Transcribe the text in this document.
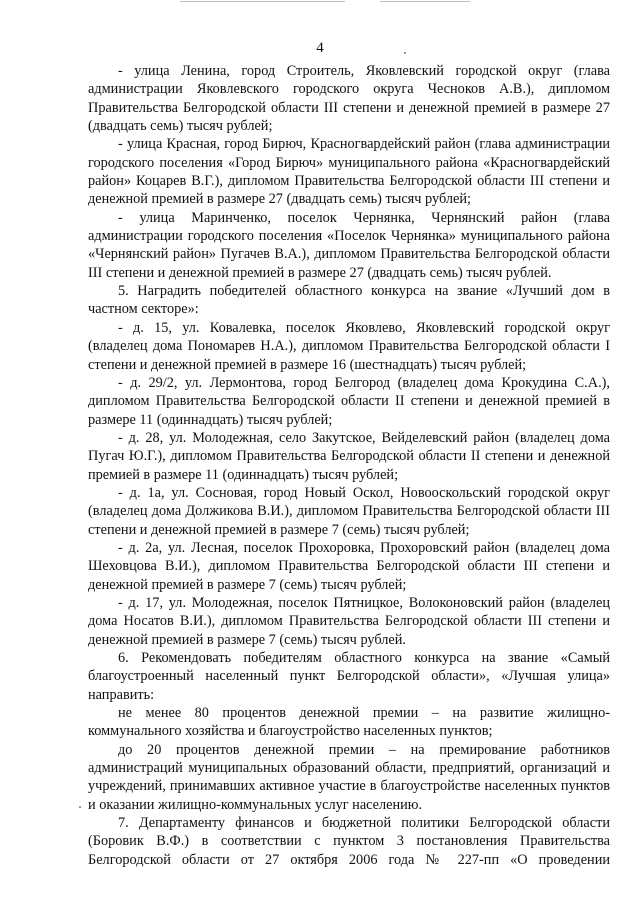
4

- улица Ленина, город Строитель, Яковлевский городской округ (глава администрации Яковлевского городского округа Чесноков А.В.), дипломом Правительства Белгородской области III степени и денежной премией в размере 27 (двадцать семь) тысяч рублей;

- улица Красная, город Бирюч, Красногвардейский район (глава администрации городского поселения «Город Бирюч» муниципального района «Красногвардейский район» Коцарев В.Г.), дипломом Правительства Белгородской области III степени и денежной премией в размере 27 (двадцать семь) тысяч рублей;

- улица Маринченко, поселок Чернянка, Чернянский район (глава администрации городского поселения «Поселок Чернянка» муниципального района «Чернянский район» Пугачев В.А.), дипломом Правительства Белгородской области III степени и денежной премией в размере 27 (двадцать семь) тысяч рублей.

5. Наградить победителей областного конкурса на звание «Лучший дом в частном секторе»:

- д. 15, ул. Ковалевка, поселок Яковлево, Яковлевский городской округ (владелец дома Пономарев Н.А.), дипломом Правительства Белгородской области I степени и денежной премией в размере 16 (шестнадцать) тысяч рублей;

- д. 29/2, ул. Лермонтова, город Белгород (владелец дома Крокудина С.А.), дипломом Правительства Белгородской области II степени и денежной премией в размере 11 (одиннадцать) тысяч рублей;

- д. 28, ул. Молодежная, село Закутское, Вейделевский район (владелец дома Пугач Ю.Г.), дипломом Правительства Белгородской области II степени и денежной премией в размере 11 (одиннадцать) тысяч рублей;

- д. 1а, ул. Сосновая, город Новый Оскол, Новооскольский городской округ (владелец дома Должикова В.И.), дипломом Правительства Белгородской области III степени и денежной премией в размере 7 (семь) тысяч рублей;

- д. 2а, ул. Лесная, поселок Прохоровка, Прохоровский район (владелец дома Шеховцова В.И.), дипломом Правительства Белгородской области III степени и денежной премией в размере 7 (семь) тысяч рублей;

- д. 17, ул. Молодежная, поселок Пятницкое, Волоконовский район (владелец дома Носатов В.И.), дипломом Правительства Белгородской области III степени и денежной премией в размере 7 (семь) тысяч рублей.

6. Рекомендовать победителям областного конкурса на звание «Самый благоустроенный населенный пункт Белгородской области», «Лучшая улица» направить:

не менее 80 процентов денежной премии – на развитие жилищно-коммунального хозяйства и благоустройство населенных пунктов;

до 20 процентов денежной премии – на премирование работников администраций муниципальных образований области, предприятий, организаций и учреждений, принимавших активное участие в благоустройстве населенных пунктов и оказании жилищно-коммунальных услуг населению.

7. Департаменту финансов и бюджетной политики Белгородской области (Боровик В.Ф.) в соответствии с пунктом 3 постановления Правительства Белгородской области от 27 октября 2006 года № 227-пп «О проведении
